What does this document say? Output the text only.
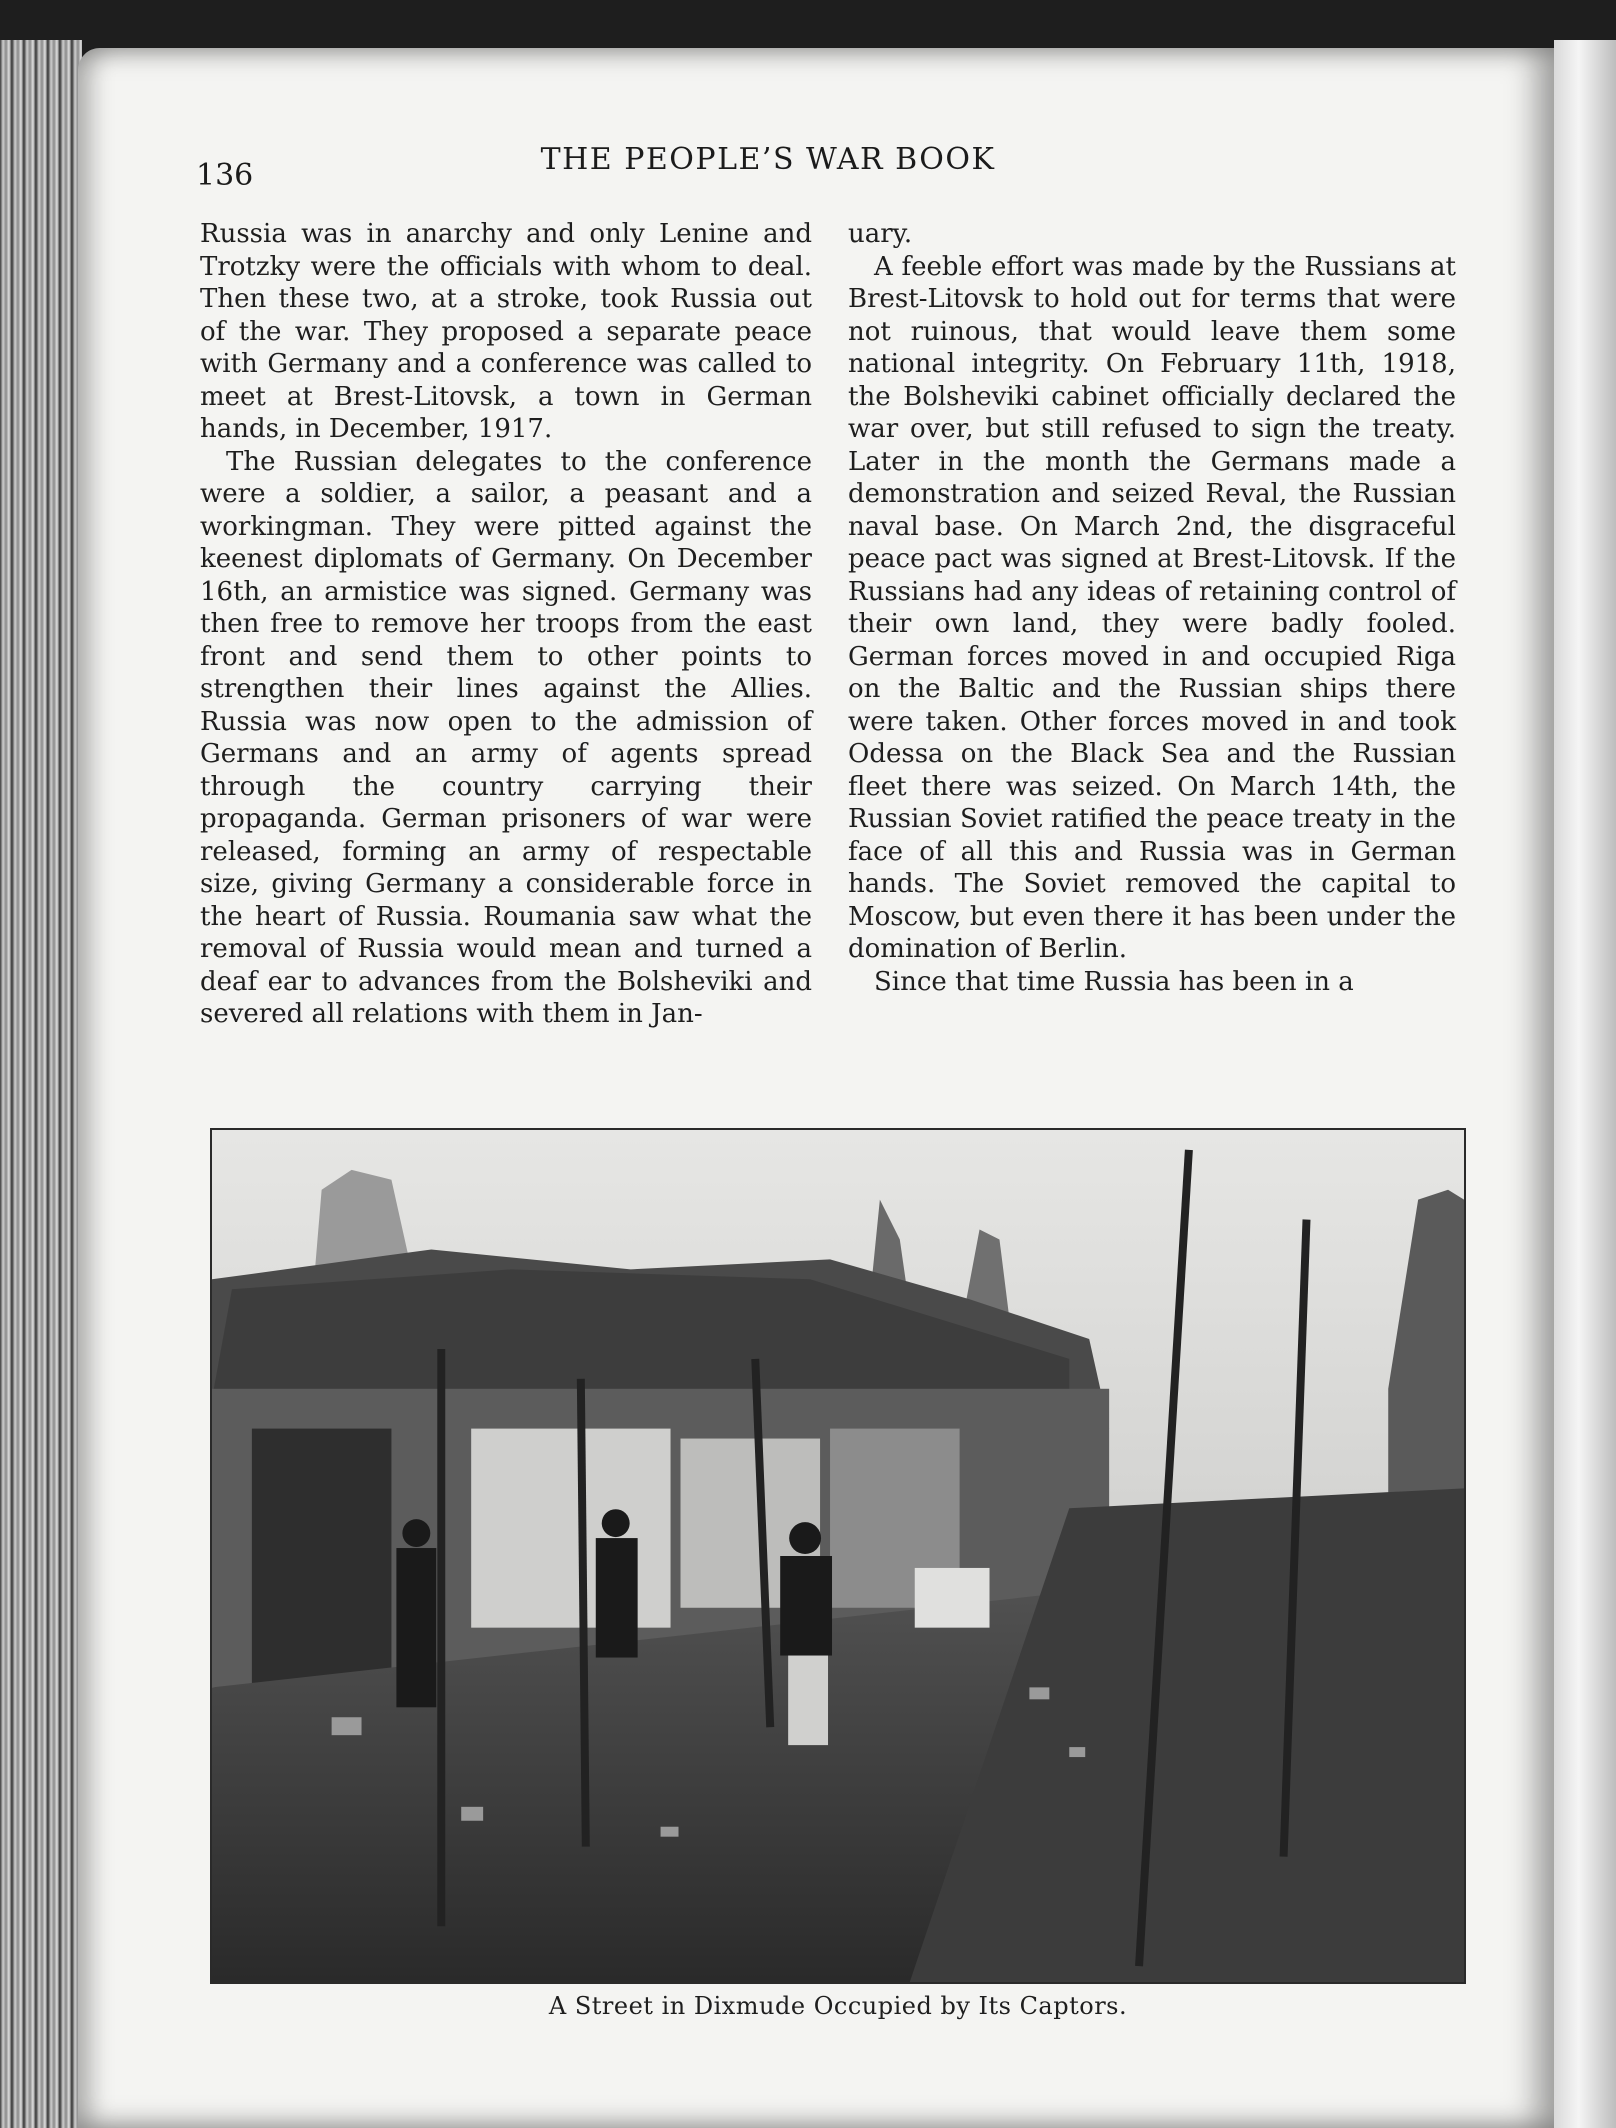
136	THE PEOPLE’S WAR BOOK

Russia was in anarchy and only Lenine and Trotzky were the officials with whom to deal. Then these two, at a stroke, took Russia out of the war. They proposed a separate peace with Germany and a conference was called to meet at Brest-Litovsk, a town in German hands, in December, 1917.

The Russian delegates to the conference were a soldier, a sailor, a peasant and a workingman. They were pitted against the keenest diplomats of Germany. On December 16th, an armistice was signed. Germany was then free to remove her troops from the east front and send them to other points to strengthen their lines against the Allies. Russia was now open to the admission of Germans and an army of agents spread through the country carrying their propaganda. German prisoners of war were released, forming an army of respectable size, giving Germany a considerable force in the heart of Russia. Roumania saw what the removal of Russia would mean and turned a deaf ear to advances from the Bolsheviki and severed all relations with them in Jan-

uary.

A feeble effort was made by the Russians at Brest-Litovsk to hold out for terms that were not ruinous, that would leave them some national integrity. On February 11th, 1918, the Bolsheviki cabinet officially declared the war over, but still refused to sign the treaty. Later in the month the Germans made a demonstration and seized Reval, the Russian naval base. On March 2nd, the disgraceful peace pact was signed at Brest-Litovsk. If the Russians had any ideas of retaining control of their own land, they were badly fooled. German forces moved in and occupied Riga on the Baltic and the Russian ships there were taken. Other forces moved in and took Odessa on the Black Sea and the Russian fleet there was seized. On March 14th, the Russian Soviet ratified the peace treaty in the face of all this and Russia was in German hands. The Soviet removed the capital to Moscow, but even there it has been under the domination of Berlin.

Since that time Russia has been in a

A Street in Dixmude Occupied by Its Captors.
